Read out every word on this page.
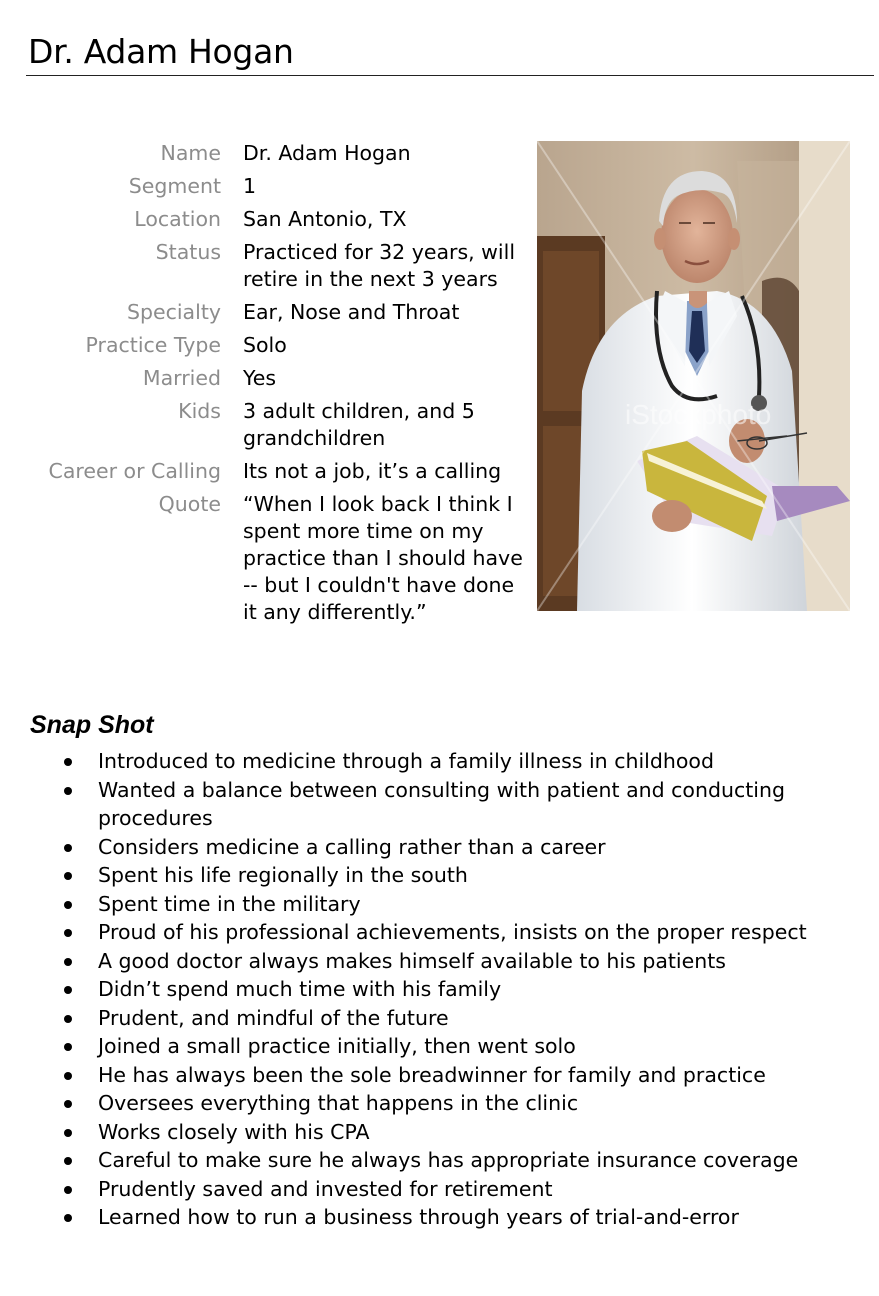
Dr. Adam Hogan
Name	Dr. Adam Hogan
Segment	1
Location	San Antonio, TX
Status	Practiced for 32 years, will retire in the next 3 years
Specialty	Ear, Nose and Throat
Practice Type	Solo
Married	Yes
Kids	3 adult children, and 5 grandchildren
Career or Calling	Its not a job, it’s a calling
Quote	“When I look back I think I spent more time on my practice than I should have -- but I couldn't have done it any differently.”
iStockphoto
Snap Shot
Introduced to medicine through a family illness in childhood
Wanted a balance between consulting with patient and conducting procedures
Considers medicine a calling rather than a career
Spent his life regionally in the south
Spent time in the military
Proud of his professional achievements, insists on the proper respect
A good doctor always makes himself available to his patients
Didn’t spend much time with his family
Prudent, and mindful of the future
Joined a small practice initially, then went solo
He has always been the sole breadwinner for family and practice
Oversees everything that happens in the clinic
Works closely with his CPA
Careful to make sure he always has appropriate insurance coverage
Prudently saved and invested for retirement
Learned how to run a business through years of trial-and-error
